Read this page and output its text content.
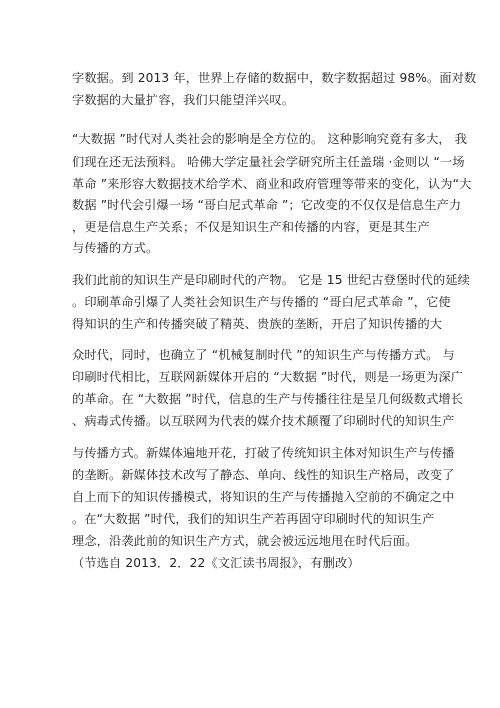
字数据。到 2013 年，世界上存储的数据中，数字数据超过 98%。面对数
字数据的大量扩容，我们只能望洋兴叹。
“大数据 ”时代对人类社会的影响是全方位的。 这种影响究竟有多大， 我
们现在还无法预料。 哈佛大学定量社会学研究所主任盖瑞 ·金则以 “一场
革命 ”来形容大数据技术给学术、商业和政府管理等带来的变化，认为“大
数据 ”时代会引爆一场 “哥白尼式革命 ”；它改变的不仅仅是信息生产力
，更是信息生产关系；不仅是知识生产和传播的内容，更是其生产
与传播的方式。
我们此前的知识生产是印刷时代的产物。 它是 15 世纪古登堡时代的延续
。印刷革命引爆了人类社会知识生产与传播的 “哥白尼式革命 ”，它使
得知识的生产和传播突破了精英、贵族的垄断，开启了知识传播的大
众时代，同时，也确立了 “机械复制时代 ”的知识生产与传播方式。 与
印刷时代相比，互联网新媒体开启的 “大数据 ”时代，则是一场更为深广
的革命。在 “大数据 ”时代，信息的生产与传播往往是呈几何级数式增长
、病毒式传播。以互联网为代表的媒介技术颠覆了印刷时代的知识生产
与传播方式。新媒体遍地开花，打破了传统知识主体对知识生产与传播
的垄断。新媒体技术改写了静态、单向、线性的知识生产格局，改变了
自上而下的知识传播模式，将知识的生产与传播抛入空前的不确定之中
。在“大数据 ”时代，我们的知识生产若再固守印刷时代的知识生产
理念，沿袭此前的知识生产方式，就会被远远地甩在时代后面。
（节选自 2013．2．22《文汇读书周报》，有删改）
